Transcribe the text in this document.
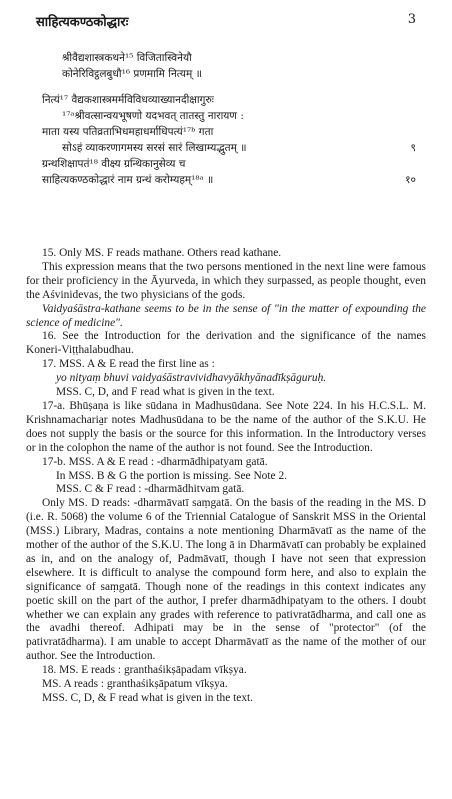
साहित्यकण्ठकोद्धारः	3
श्रीवैद्यशास्त्रकथने¹⁵ विजितास्विनेयौ
कोनेरिविट्ठलबुधौ¹⁶ प्रणमामि नित्यम् ॥
नित्यं¹⁷ वैद्यकशास्त्रमर्मविविधव्याख्यानदीक्षागुरुः
¹⁷ᵃश्रीवत्सान्वयभूषणो यदभवत् तातस्तु नारायण :
माता यस्य पतिव्रताभिधमहाधर्माधिपत्यं¹⁷ᵇ गता
सोऽहं व्याकरणागमस्य सरसं सारं लिखाम्यद्भुतम् ॥	९
ग्रन्थशिक्षापतं¹⁸ वीक्ष्य ग्रन्थिकानुसेव्य च
साहित्यकण्ठकोद्धारं नाम ग्रन्थं करोम्यहम्¹⁸ᵃ ॥	१०

15. Only MS. F reads mathane. Others read kathane.

This expression means that the two persons mentioned in the next line were famous for their proficiency in the Āyurveda, in which they surpassed, as people thought, even the Aśvinidevas, the two physicians of the gods.

Vaidyaśāstra-kathane seems to be in the sense of "in the matter of expounding the science of medicine".

16. See the Introduction for the derivation and the significance of the names Koneri-Viṭṭhalabudhau.

17. MSS. A & E read the first line as :

yo nityaṃ bhuvi vaidyaśāstravividhavyākhyānadīkṣāguruḥ.

MSS. C, D, and F read what is given in the text.

17-a. Bhūṣaṇa is like sūdana in Madhusūdana. See Note 224. In his H.C.S.L. M. Krishnamacharia̱r notes Madhusūdana to be the name of the author of the S.K.U. He does not supply the basis or the source for this information. In the Introductory verses or in the colophon the name of the author is not found. See the Introduction.

17-b. MSS. A & E read : -dharmādhipatyam gatā.

In MSS. B & G the portion is missing. See Note 2.

MSS. C & F read : -dharmādhitvam gatā.

Only MS. D reads: -dharmāvatī saṃgatā. On the basis of the reading in the MS. D (i.e. R. 5068) the volume 6 of the Triennial Catalogue of Sanskrit MSS in the Oriental (MSS.) Library, Madras, contains a note mentioning Dharmāvatī as the name of the mother of the author of the S.K.U. The long ā in Dharmāvatī can probably be explained as in, and on the analogy of, Padmāvatī, though I have not seen that expression elsewhere. It is difficult to analyse the compound form here, and also to explain the significance of saṃgatā. Though none of the readings in this context indicates any poetic skill on the part of the author, I prefer dharmādhipatyam to the others. I doubt whether we can explain any grades with reference to pativratādharma, and call one as the avadhi thereof. Adhipati may be in the sense of "protector" (of the pativratādharma). I am unable to accept Dharmāvatī as the name of the mother of our author. See the Introduction.

18. MS. E reads : granthaśikṣāpadam vīkṣya.

MS. A reads : granthaśikṣāpatum vīkṣya.

MSS. C, D, & F read what is given in the text.
